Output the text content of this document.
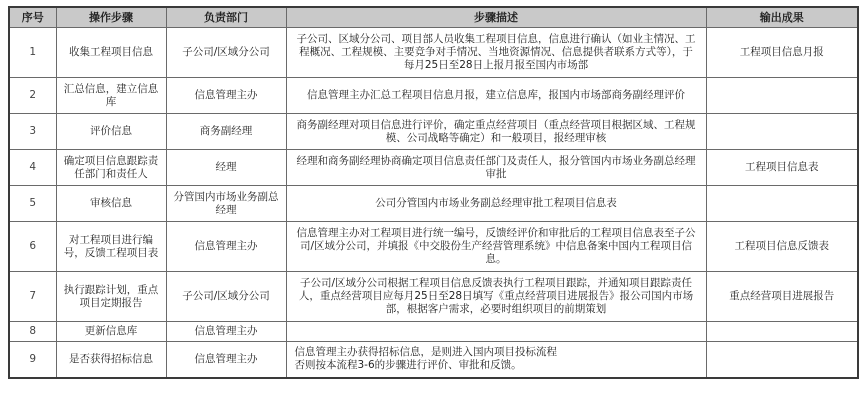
序号	操作步骤	负责部门	步骤描述	输出成果
1	收集工程项目信息	子公司/区域分公司	子公司、区域分公司、项目部人员收集工程项目信息，信息进行确认（如业主情况、工程概况、工程规模、主要竞争对手情况、当地资源情况、信息提供者联系方式等），于每月25日至28日上报月报至国内市场部	工程项目信息月报
2	汇总信息，建立信息库	信息管理主办	信息管理主办汇总工程项目信息月报，建立信息库，报国内市场部商务副经理评价	
3	评价信息	商务副经理	商务副经理对项目信息进行评价，确定重点经营项目（重点经营项目根据区域、工程规模、公司战略等确定）和一般项目，报经理审核	
4	确定项目信息跟踪责任部门和责任人	经理	经理和商务副经理协商确定项目信息责任部门及责任人，报分管国内市场业务副总经理审批	工程项目信息表
5	审核信息	分管国内市场业务副总经理	公司分管国内市场业务副总经理审批工程项目信息表	
6	对工程项目进行编号，反馈工程项目表	信息管理主办	信息管理主办对工程项目进行统一编号，反馈经评价和审批后的工程项目信息表至子公司/区域分公司，并填报《中交股份生产经营管理系统》中信息备案中国内工程项目信息。	工程项目信息反馈表
7	执行跟踪计划，重点项目定期报告	子公司/区域分公司	子公司/区域分公司根据工程项目信息反馈表执行工程项目跟踪，并通知项目跟踪责任人，重点经营项目应每月25日至28日填写《重点经营项目进展报告》报公司国内市场部，根据客户需求，必要时组织项目的前期策划	重点经营项目进展报告
8	更新信息库	信息管理主办		
9	是否获得招标信息	信息管理主办	信息管理主办获得招标信息，是则进入国内项目投标流程
否则按本流程3-6的步骤进行评价、审批和反馈。	
